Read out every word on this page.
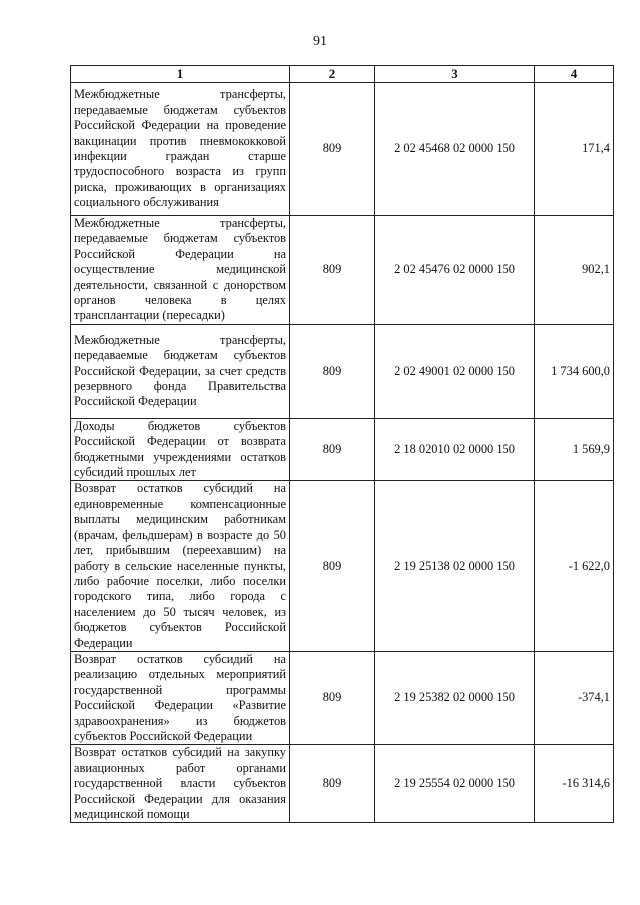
91
1	2	3	4
Межбюджетные трансферты, передаваемые бюджетам субъектов Российской Федерации на проведение вакцинации против пневмококковой инфекции граждан старше трудоспособного возраста из групп риска, проживающих в организациях социального обслуживания	809	2 02 45468 02 0000 150	171,4
Межбюджетные трансферты, передаваемые бюджетам субъектов Российской Федерации на осуществление медицинской деятельности, связанной с донорством органов человека в целях трансплантации (пересадки)	809	2 02 45476 02 0000 150	902,1
Межбюджетные трансферты, передаваемые бюджетам субъектов Российской Федерации, за счет средств резервного фонда Правительства Российской Федерации	809	2 02 49001 02 0000 150	1 734 600,0
Доходы бюджетов субъектов Российской Федерации от возврата бюджетными учреждениями остатков субсидий прошлых лет	809	2 18 02010 02 0000 150	1 569,9
Возврат остатков субсидий на единовременные компенсационные выплаты медицинским работникам (врачам, фельдшерам) в возрасте до 50 лет, прибывшим (переехавшим) на работу в сельские населенные пункты, либо рабочие поселки, либо поселки городского типа, либо города с населением до 50 тысяч человек, из бюджетов субъектов Российской Федерации	809	2 19 25138 02 0000 150	-1 622,0
Возврат остатков субсидий на реализацию отдельных мероприятий государственной программы Российской Федерации «Развитие здравоохранения» из бюджетов субъектов Российской Федерации	809	2 19 25382 02 0000 150	-374,1
Возврат остатков субсидий на закупку авиационных работ органами государственной власти субъектов Российской Федерации для оказания медицинской помощи	809	2 19 25554 02 0000 150	-16 314,6
